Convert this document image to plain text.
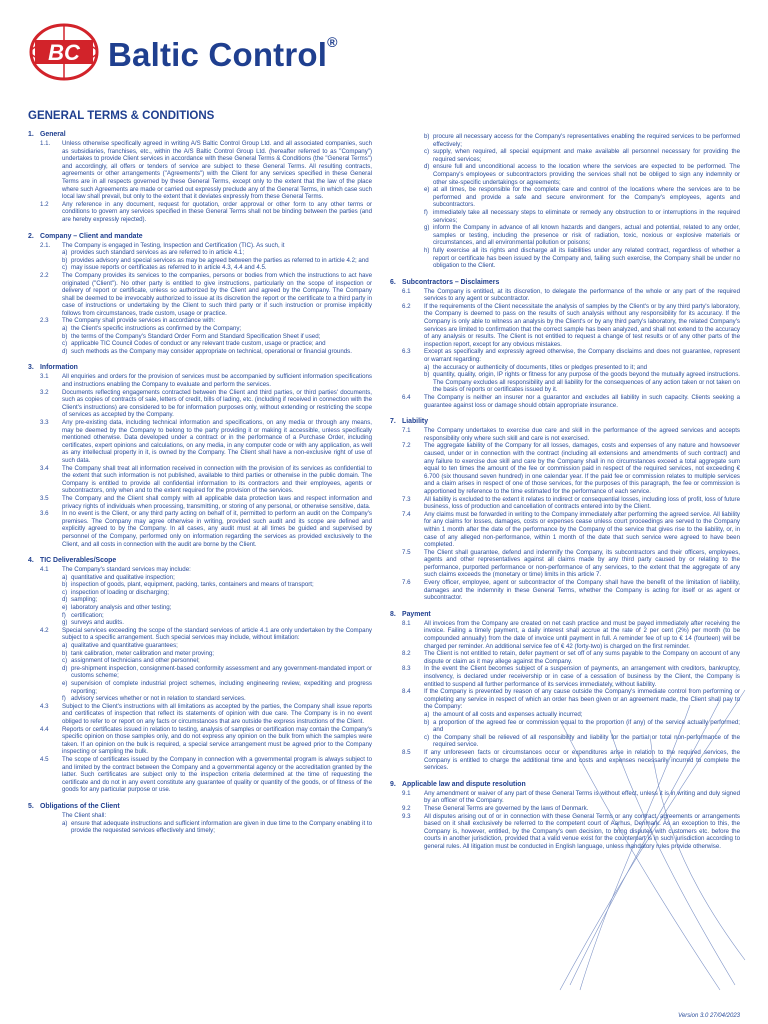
BC Baltic Control®
GENERAL TERMS & CONDITIONS
1. General
1.1.	Unless otherwise specifically agreed in writing A/S Baltic Control Group Ltd. and all associated companies, such as subsidiaries, franchises, etc., within the A/S Baltic Control Group Ltd. (hereafter referred to as "Company") undertakes to provide Client services in accordance with these General Terms & Conditions (the "General Terms") and accordingly, all offers or tenders of service are subject to these General Terms. All resulting contracts, agreements or other arrangements ("Agreements") with the Client for any services specified in these General Terms are in all respects governed by these General Terms, except only to the extent that the law of the place where such Agreements are made or carried out expressly preclude any of the General Terms, in which case such local law shall prevail, but only to the extent that it deviates expressly from these General Terms.
1.2	Any reference in any document, request for quotation, order approval or other form to any other terms or conditions to govern any services specified in these General Terms shall not be binding between the parties (and are hereby expressly rejected).
2. Company – Client and mandate
2.1.	The Company is engaged in Testing, Inspection and Certification (TIC). As such, it
a) provides such standard services as are referred to in article 4.1;
b) provides advisory and special services as may be agreed between the parties as referred to in article 4.2; and
c) may issue reports or certificates as referred to in article 4.3, 4.4 and 4.5.
2.2	The Company provides its services to the companies, persons or bodies from which the instructions to act have originated ("Client"). No other party is entitled to give instructions, particularly on the scope of inspection or delivery of report or certificate, unless so authorized by the Client and agreed by the Company. The Company shall be deemed to be irrevocably authorized to issue at its discretion the report or the certificate to a third party in case of instructions or undertaking by the Client to such third party or if such instruction or promise implicitly follows from circumstances, trade custom, usage or practice.
2.3	The Company shall provide services in accordance with:
a) the Client's specific instructions as confirmed by the Company;
b) the terms of the Company's Standard Order Form and Standard Specification Sheet if used;
c) applicable TIC Council Codes of conduct or any relevant trade custom, usage or practice; and
d) such methods as the Company may consider appropriate on technical, operational or financial grounds.
3. Information
3.1	All enquiries and orders for the provision of services must be accompanied by sufficient information specifications and instructions enabling the Company to evaluate and perform the services.
3.2	Documents reflecting engagements contracted between the Client and third parties, or third parties' documents, such as copies of contracts of sale, letters of credit, bills of lading, etc. (including if received in connection with the Client's instructions) are considered to be for information purposes only, without extending or restricting the scope of services as accepted by the Company.
3.3	Any pre-existing data, including technical information and specifications, on any media or through any means, may be deemed by the Company to belong to the party providing it or making it accessible, unless specifically mentioned otherwise. Data developed under a contract or in the performance of a Purchase Order, including certificates, expert opinions and calculations, on any media, in any computer code or with any application, as well as any intellectual property in it, is owned by the Company. The Client shall have a non-exclusive right of use of such data.
3.4	The Company shall treat all information received in connection with the provision of its services as confidential to the extent that such information is not published, available to third parties or otherwise in the public domain. The Company is entitled to provide all confidential information to its contractors and their employees, agents or subcontractors, only when and to the extent required for the provision of the services.
3.5	The Company and the Client shall comply with all applicable data protection laws and respect information and privacy rights of individuals when processing, transmitting, or storing of any personal, or otherwise sensitive, data.
3.6	In no event is the Client, or any third party acting on behalf of it, permitted to perform an audit on the Company's premises. The Company may agree otherwise in writing, provided such audit and its scope are defined and explicitly agreed to by the Company. In all cases, any audit must at all times be guided and supervised by personnel of the Company, performed only on information regarding the services as provided exclusively to the Client, and all costs in connection with the audit are borne by the Client.
4. TIC Deliverables/Scope
4.1	The Company's standard services may include:
a) quantitative and qualitative inspection;
b) inspection of goods, plant, equipment, packing, tanks, containers and means of transport;
c) inspection of loading or discharging;
d) sampling;
e) laboratory analysis and other testing;
f) certification;
g) surveys and audits.
4.2	Special services exceeding the scope of the standard services of article 4.1 are only undertaken by the Company subject to a specific arrangement. Such special services may include, without limitation:
a) qualitative and quantitative guarantees;
b) tank calibration, meter calibration and meter proving;
c) assignment of technicians and other personnel;
d) pre-shipment inspection, consignment-based conformity assessment and any government-mandated import or customs scheme;
e) supervision of complete industrial project schemes, including engineering review, expediting and progress reporting;
f) advisory services whether or not in relation to standard services.
4.3	Subject to the Client's instructions with all limitations as accepted by the parties, the Company shall issue reports and certificates of inspection that reflect its statements of opinion with due care. The Company is in no event obliged to refer to or report on any facts or circumstances that are outside the express instructions of the Client.
4.4	Reports or certificates issued in relation to testing, analysis of samples or certification may contain the Company's specific opinion on those samples only, and do not express any opinion on the bulk from which the samples were taken. If an opinion on the bulk is required, a special service arrangement must be agreed prior to the Company inspecting or sampling the bulk.
4.5	The scope of certificates issued by the Company in connection with a governmental program is always subject to and limited by the contract between the Company and a governmental agency or the accreditation granted by the latter. Such certificates are subject only to the inspection criteria determined at the time of requesting the certificate and do not in any event constitute any guarantee of quality or quantity of the goods, or of fitness of the goods for any particular purpose or use.
5. Obligations of the Client
The Client shall:
a) ensure that adequate instructions and sufficient information are given in due time to the Company enabling it to provide the requested services effectively and timely;
b) procure all necessary access for the Company's representatives enabling the required services to be performed effectively;
c) supply, when required, all special equipment and make available all personnel necessary for providing the required services;
d) ensure full and unconditional access to the location where the services are expected to be performed. The Company's employees or subcontractors providing the services shall not be obliged to sign any indemnity or other site-specific undertakings or agreements;
e) at all times, be responsible for the complete care and control of the locations where the services are to be performed and provide a safe and secure environment for the Company's employees, agents and subcontractors.
f) immediately take all necessary steps to eliminate or remedy any obstruction to or interruptions in the required services;
g) inform the Company in advance of all known hazards and dangers, actual and potential, related to any order, samples or testing, including the presence or risk of radiation, toxic, noxious or explosive materials or circumstances, and all environmental pollution or poisons;
h) fully exercise all its rights and discharge all its liabilities under any related contract, regardless of whether a report or certificate has been issued by the Company and, failing such exercise, the Company shall be under no obligation to the Client.
6. Subcontractors – Disclaimers
6.1	The Company is entitled, at its discretion, to delegate the performance of the whole or any part of the required services to any agent or subcontractor.
6.2	If the requirements of the Client necessitate the analysis of samples by the Client's or by any third party's laboratory, the Company is deemed to pass on the results of such analysis without any responsibility for its accuracy. If the Company is only able to witness an analysis by the Client's or by any third party's laboratory, the related Company's services are limited to confirmation that the correct sample has been analyzed, and shall not extend to the accuracy of any analysis or results. The Client is not entitled to request a change of test results or of any other parts of the inspection report, except for any obvious mistakes.
6.3	Except as specifically and expressly agreed otherwise, the Company disclaims and does not guarantee, represent or warrant regarding:
a) the accuracy or authenticity of documents, titles or pledges presented to it; and
b) quantity, quality, origin, IP rights or fitness for any purpose of the goods beyond the mutually agreed instructions. The Company excludes all responsibility and all liability for the consequences of any action taken or not taken on the basis of reports or certificates issued by it.
6.4	The Company is neither an insurer nor a guarantor and excludes all liability in such capacity. Clients seeking a guarantee against loss or damage should obtain appropriate insurance.
7. Liability
7.1	The Company undertakes to exercise due care and skill in the performance of the agreed services and accepts responsibility only where such skill and care is not exercised.
7.2	The aggregate liability of the Company for all losses, damages, costs and expenses of any nature and howsoever caused, under or in connection with the contract (including all extensions and amendments of such contract) and any failure to exercise due skill and care by the Company shall in no circumstances exceed a total aggregate sum equal to ten times the amount of the fee or commission paid in respect of the required services, not exceeding € 6.700 (six thousand seven hundred) in one calendar year. If the paid fee or commission relates to multiple services and a claim arises in respect of one of those services, for the purposes of this paragraph, the fee or commission is apportioned by reference to the time estimated for the performance of each service.
7.3	All liability is excluded to the extent it relates to indirect or consequential losses, including loss of profit, loss of future business, loss of production and cancellation of contracts entered into by the Client.
7.4	Any claims must be forwarded in writing to the Company immediately after performing the agreed service. All liability for any claims for losses, damages, costs or expenses cease unless court proceedings are served to the Company within 1 month after the date of the performance by the Company of the service that gives rise to the liability, or, in case of any alleged non-performance, within 1 month of the date that such service were agreed to have been completed.
7.5	The Client shall guarantee, defend and indemnify the Company, its subcontractors and their officers, employees, agents and other representatives against all claims made by any third party caused by or relating to the performance, purported performance or non-performance of any services, to the extent that the aggregate of any such claims exceeds the (monetary or time) limits in this article 7.
7.6	Every officer, employee, agent or subcontractor of the Company shall have the benefit of the limitation of liability, damages and the indemnity in these General Terms, whether the Company is acting for itself or as agent or subcontractor.
8. Payment
8.1	All invoices from the Company are created on net cash practice and must be payed immediately after receiving the invoice. Failing a timely payment, a daily interest shall accrue at the rate of 2 per cent (2%) per month (to be compounded annually) from the date of invoice until payment in full. A reminder fee of up to € 14 (fourteen) will be charged per reminder. An additional service fee of € 42 (forty-two) is charged on the first reminder.
8.2	The Client is not entitled to retain, defer payment or set off of any sums payable to the Company on account of any dispute or claim as it may allege against the Company.
8.3	In the event the Client becomes subject of a suspension of payments, an arrangement with creditors, bankruptcy, insolvency, is declared under receivership or in case of a cessation of business by the Client, the Company is entitled to suspend all further performance of its services immediately, without liability.
8.4	If the Company is prevented by reason of any cause outside the Company's immediate control from performing or completing any service in respect of which an order has been given or an agreement made, the Client shall pay to the Company:
a) the amount of all costs and expenses actually incurred;
b) a proportion of the agreed fee or commission equal to the proportion (if any) of the service actually performed; and
c) the Company shall be relieved of all responsibility and liability for the partial or total non-performance of the required service.
8.5	If any unforeseen facts or circumstances occur or expenditures arise in relation to the required services, the Company is entitled to charge the additional time and costs and expenses necessarily incurred to complete the services.
9. Applicable law and dispute resolution
9.1	Any amendment or waiver of any part of these General Terms is without effect, unless it is in writing and duly signed by an officer of the Company.
9.2	These General Terms are governed by the laws of Denmark.
9.3	All disputes arising out of or in connection with these General Terms or any contract, agreements or arrangements based on it shall exclusively be referred to the competent court of Aarhus, Denmark. As an exception to this, the Company is, however, entitled, by the Company's own decision, to bring disputes with customers etc. before the courts in another jurisdiction, provided that a valid venue exist for the counterpart is in such jurisdiction according to general rules. All litigation must be conducted in English language, unless mandatory rules provide otherwise.
Version 3.0 27/04/2023
